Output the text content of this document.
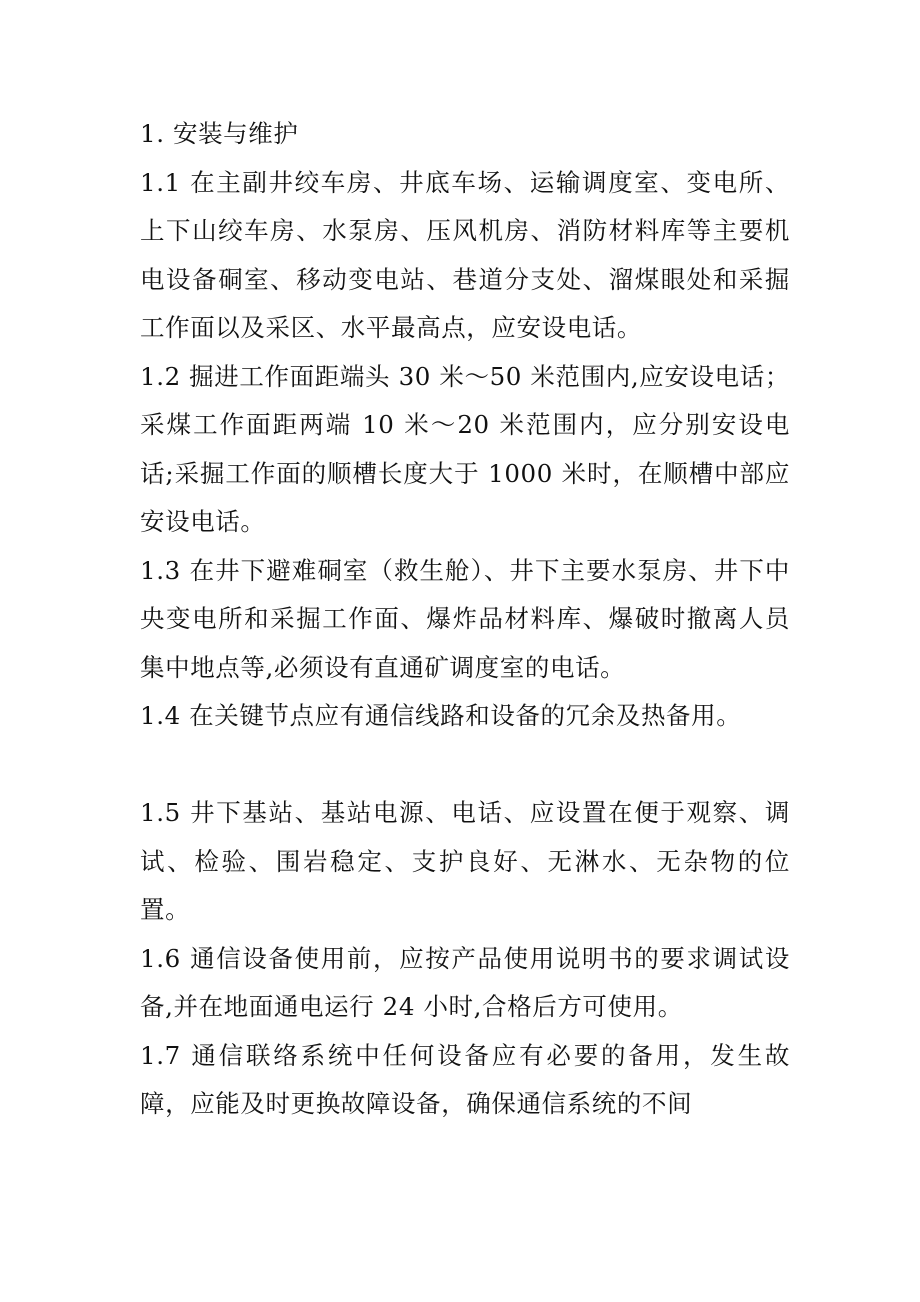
1. 安装与维护

1.1 在主副井绞车房、井底车场、运输调度室、变电所、上下山绞车房、水泵房、压风机房、消防材料库等主要机电设备硐室、移动变电站、巷道分支处、溜煤眼处和采掘工作面以及采区、水平最高点，应安设电话。

1.2 掘进工作面距端头 30 米～50 米范围内,应安设电话；采煤工作面距两端 10 米～20 米范围内，应分别安设电话;采掘工作面的顺槽长度大于 1000 米时，在顺槽中部应安设电话。

1.3 在井下避难硐室（救生舱）、井下主要水泵房、井下中央变电所和采掘工作面、爆炸品材料库、爆破时撤离人员集中地点等,必须设有直通矿调度室的电话。

1.4 在关键节点应有通信线路和设备的冗余及热备用。

1.5 井下基站、基站电源、电话、应设置在便于观察、调试、检验、围岩稳定、支护良好、无淋水、无杂物的位置。

1.6 通信设备使用前，应按产品使用说明书的要求调试设备,并在地面通电运行 24 小时,合格后方可使用。

1.7 通信联络系统中任何设备应有必要的备用，发生故障，应能及时更换故障设备，确保通信系统的不间
